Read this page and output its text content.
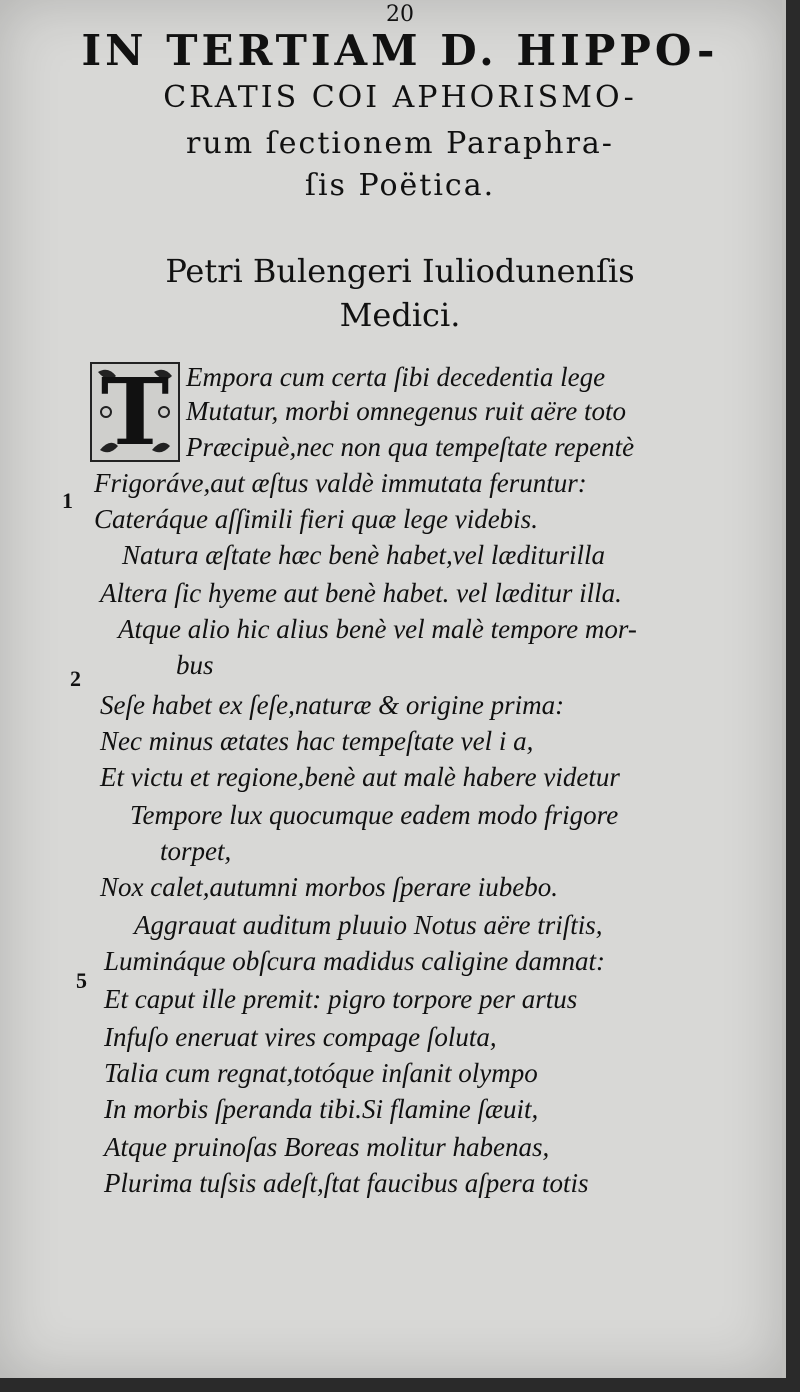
20
IN TERTIAM D. HIPPO-
CRATIS COI APHORISMO-
rum ſectionem Paraphra-
ſis Poëtica.
Petri Bulengeri Iuliodunenſis
Medici.
T Empora cum certa ſibi decedentia lege
Mutatur, morbi omnegenus ruit aëre toto
Præcipuè,nec non qua tempeſtate repentè
Frigoráve,aut æſtus valdè immutata feruntur:
Cateráque aſſimili fieri quæ lege videbis.
Natura æſtate hæc benè habet,vel læditurilla
Altera ſic hyeme aut benè habet. vel læditur illa.
Atque alio hic alius benè vel malè tempore mor-
bus
Seſe habet ex ſeſe,naturæ & origine prima:
Nec minus ætates hac tempeſtate vel i a,
Et victu et regione,benè aut malè habere videtur
Tempore lux quocumque eadem modo frigore
torpet,
Nox calet,autumni morbos ſperare iubebo.
Aggrauat auditum pluuio Notus aëre triſtis,
Lumináque obſcura madidus caligine damnat:
Et caput ille premit: pigro torpore per artus
Infuſo eneruat vires compage ſoluta,
Talia cum regnat,totóque inſanit olympo
In morbis ſperanda tibi.Si flamine ſæuit,
Atque pruinoſas Boreas molitur habenas,
Plurima tuſsis adeſt,ſtat faucibus aſpera totis
1
2
5
